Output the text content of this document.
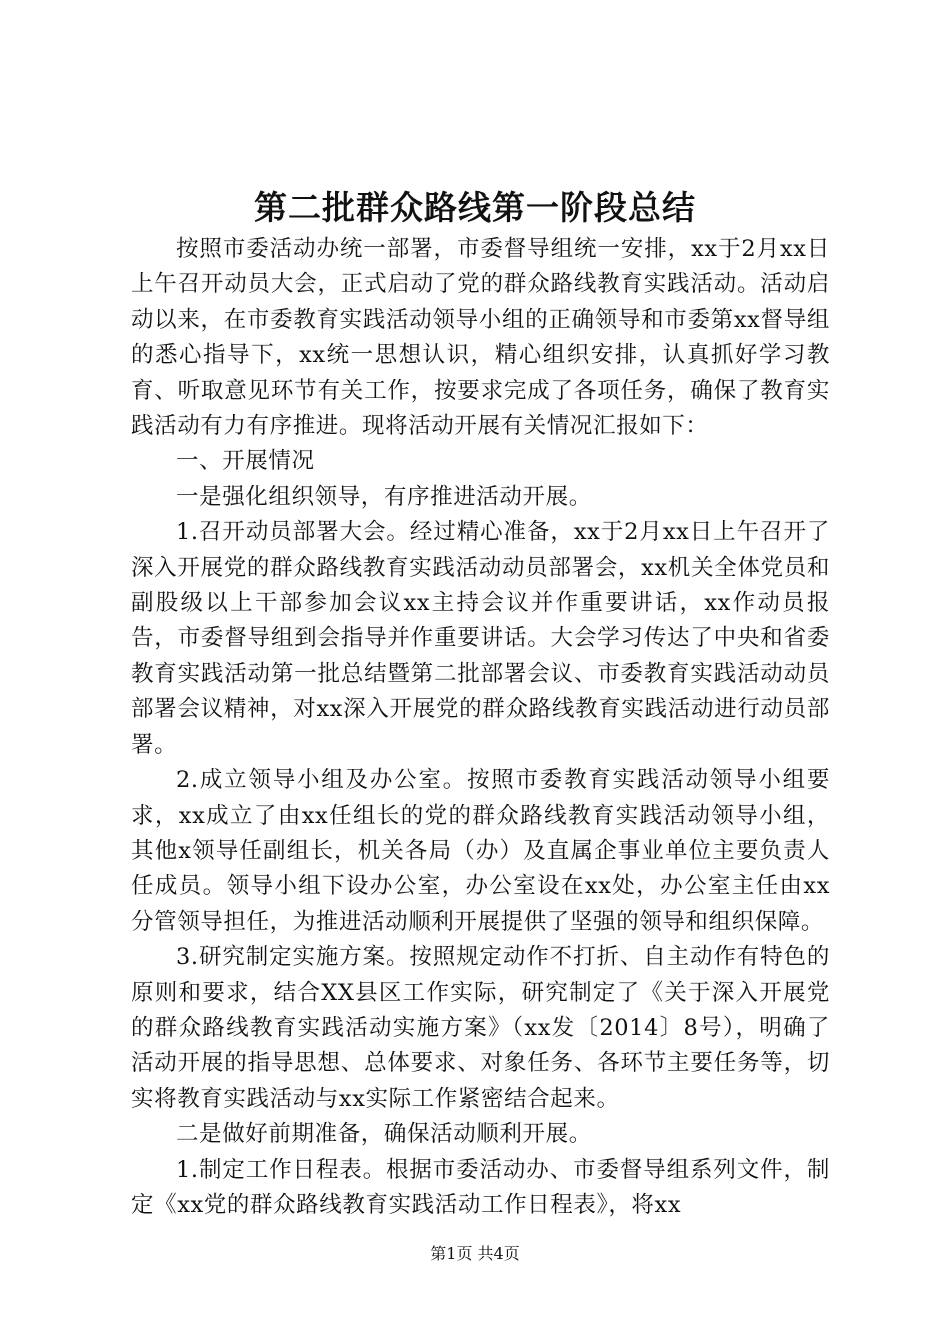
第二批群众路线第一阶段总结

按照市委活动办统一部署，市委督导组统一安排，xx于2月xx日上午召开动员大会，正式启动了党的群众路线教育实践活动。活动启动以来，在市委教育实践活动领导小组的正确领导和市委第xx督导组的悉心指导下，xx统一思想认识，精心组织安排，认真抓好学习教育、听取意见环节有关工作，按要求完成了各项任务，确保了教育实践活动有力有序推进。现将活动开展有关情况汇报如下：

一、开展情况

一是强化组织领导，有序推进活动开展。

1.召开动员部署大会。经过精心准备，xx于2月xx日上午召开了深入开展党的群众路线教育实践活动动员部署会，xx机关全体党员和副股级以上干部参加会议xx主持会议并作重要讲话，xx作动员报告，市委督导组到会指导并作重要讲话。大会学习传达了中央和省委教育实践活动第一批总结暨第二批部署会议、市委教育实践活动动员部署会议精神，对xx深入开展党的群众路线教育实践活动进行动员部署。

2.成立领导小组及办公室。按照市委教育实践活动领导小组要求，xx成立了由xx任组长的党的群众路线教育实践活动领导小组，其他x领导任副组长，机关各局（办）及直属企事业单位主要负责人任成员。领导小组下设办公室，办公室设在xx处，办公室主任由xx分管领导担任，为推进活动顺利开展提供了坚强的领导和组织保障。

3.研究制定实施方案。按照规定动作不打折、自主动作有特色的原则和要求，结合XX县区工作实际，研究制定了《关于深入开展党的群众路线教育实践活动实施方案》（xx发〔2014〕8号），明确了活动开展的指导思想、总体要求、对象任务、各环节主要任务等，切实将教育实践活动与xx实际工作紧密结合起来。

二是做好前期准备，确保活动顺利开展。

1.制定工作日程表。根据市委活动办、市委督导组系列文件，制定《xx党的群众路线教育实践活动工作日程表》，将xx

第1页 共4页
